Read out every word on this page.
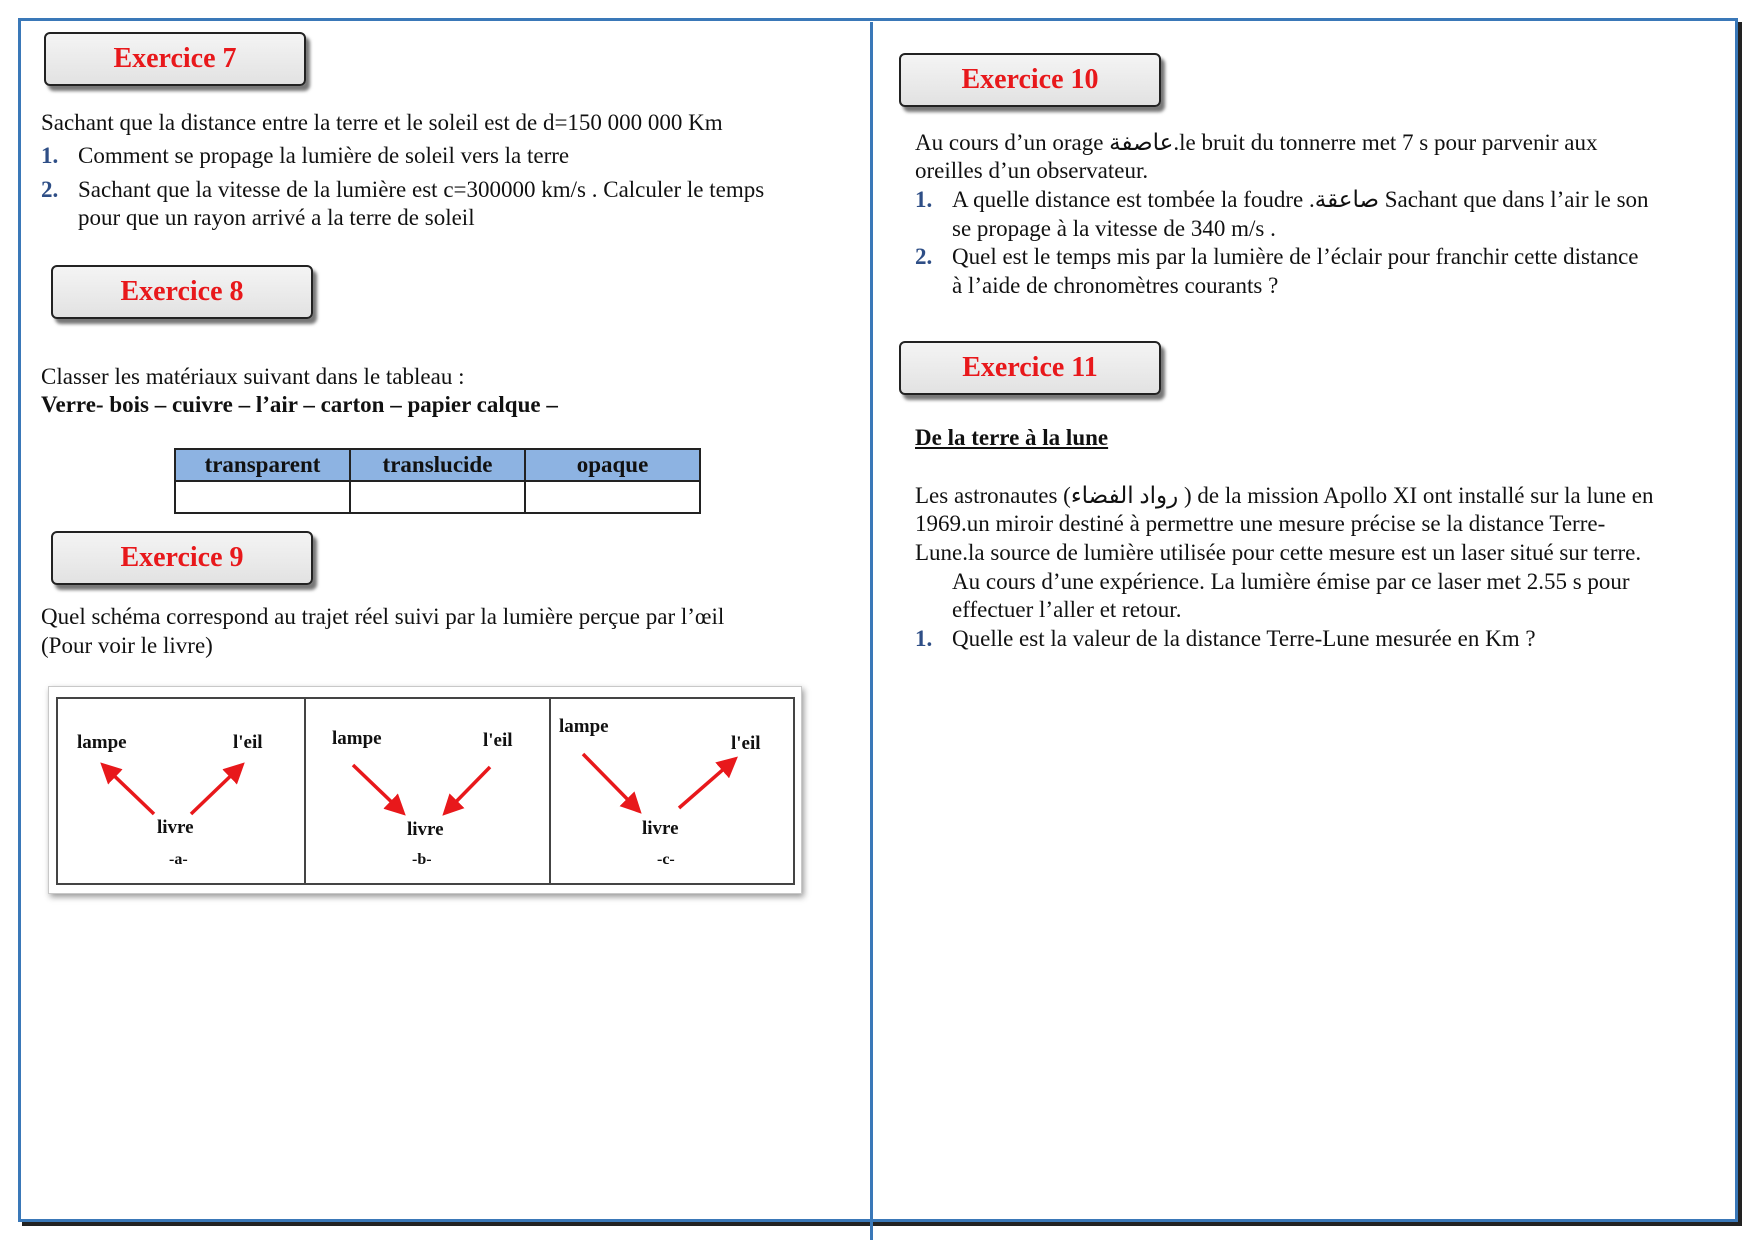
Exercice 7

Sachant que la distance entre la terre et le soleil est de d=150 000 000 Km

1. Comment se propage la lumière de soleil vers la terre
2. Sachant que la vitesse de la lumière est c=300000 km/s . Calculer le temps
pour que un rayon arrivé a la terre de soleil
Exercice 8

Classer les matériaux suivant dans le tableau :

Verre- bois – cuivre – l’air – carton – papier calque –

transparent	translucide	opaque

Exercice 9

Quel schéma correspond au trajet réel suivi par la lumière perçue par l’œil

(Pour voir le livre)

lampe	l'eil
livre
-a-
lampe	l'eil
livre
-b-
lampe
l'eil
livre
-c-
Exercice 10

Au cours d’un orage عاصفة.le bruit du tonnerre met 7 s pour parvenir aux

oreilles d’un observateur.

1. A quelle distance est tombée la foudre .صاعقة Sachant que dans l’air le son
se propage à la vitesse de 340 m/s .
2. Quel est le temps mis par la lumière de l’éclair pour franchir cette distance
à l’aide de chronomètres courants ?
Exercice 11
De la terre à la lune

Les astronautes (رواد الفضاء ) de la mission Apollo XI ont installé sur la lune en

1969.un miroir destiné à permettre une mesure précise se la distance Terre-

Lune.la source de lumière utilisée pour cette mesure est un laser situé sur terre.

Au cours d’une expérience. La lumière émise par ce laser met 2.55 s pour

effectuer l’aller et retour.

1. Quelle est la valeur de la distance Terre-Lune mesurée en Km ?
